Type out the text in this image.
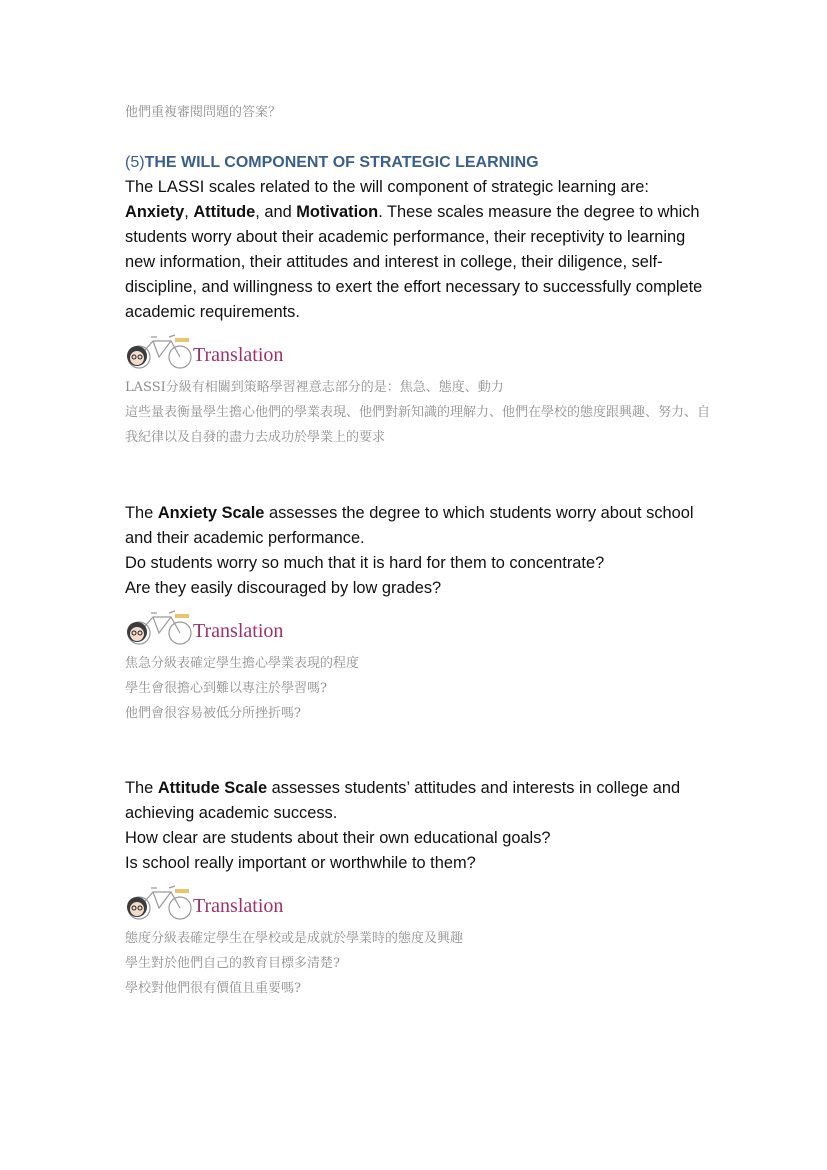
他們重複審閱問題的答案？

(5)THE WILL COMPONENT OF STRATEGIC LEARNING

The LASSI scales related to the will component of strategic learning are:
Anxiety, Attitude, and Motivation. These scales measure the degree to which students worry about their academic performance, their receptivity to learning new information, their attitudes and interest in college, their diligence, self-discipline, and willingness to exert the effort necessary to successfully complete academic requirements.

Translation

LASSI分級有相關到策略學習裡意志部分的是：焦急、態度、動力

這些量表衡量學生擔心他們的學業表現、他們對新知識的理解力、他們在學校的態度跟興趣、努力、自我紀律以及自發的盡力去成功於學業上的要求

The Anxiety Scale assesses the degree to which students worry about school and their academic performance.

Do students worry so much that it is hard for them to concentrate?

Are they easily discouraged by low grades?

Translation

焦急分級表確定學生擔心學業表現的程度

學生會很擔心到難以專注於學習嗎?

他們會很容易被低分所挫折嗎?

The Attitude Scale assesses students’ attitudes and interests in college and achieving academic success.

How clear are students about their own educational goals?

Is school really important or worthwhile to them?

Translation

態度分級表確定學生在學校或是成就於學業時的態度及興趣

學生對於他們自己的教育目標多清楚?

學校對他們很有價值且重要嗎?
